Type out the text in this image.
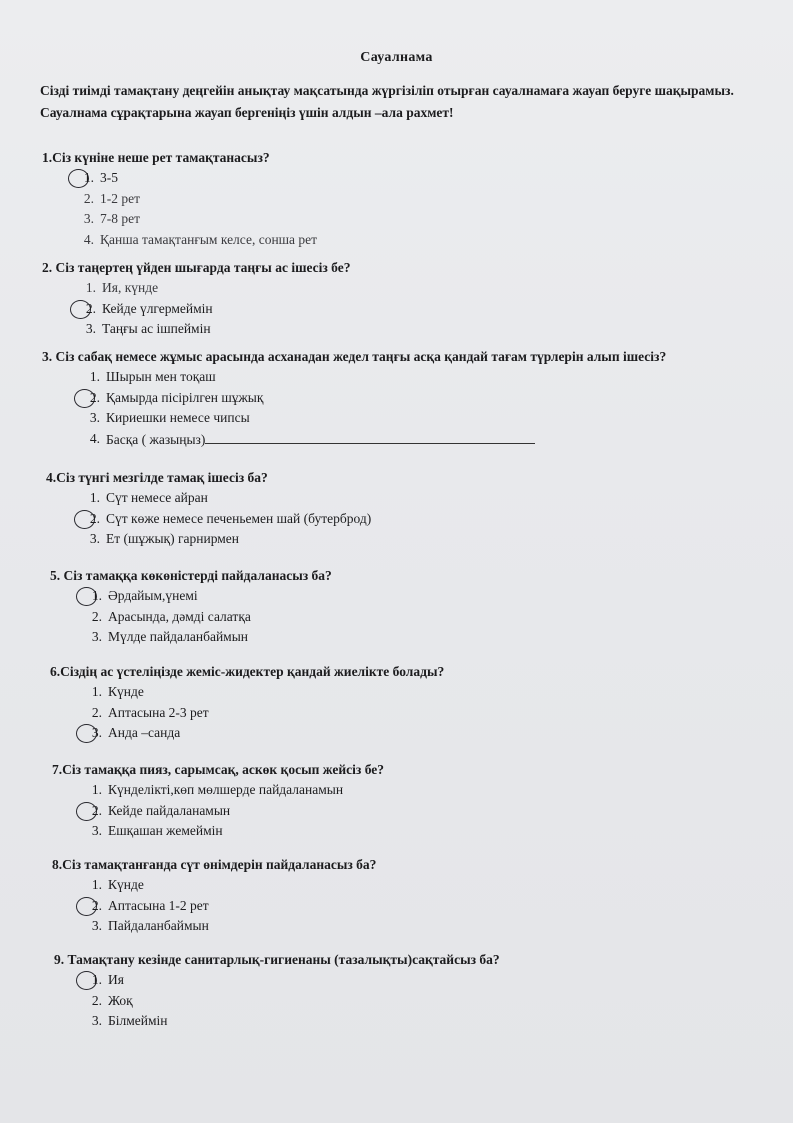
Сауалнама
Сізді тиімді тамақтану деңгейін анықтау мақсатында жүргізіліп отырған сауалнамаға жауап беруге шақырамыз. Сауалнама сұрақтарына жауап бергеніңіз үшін алдын –ала рахмет!
1.Сіз күніне неше рет тамақтанасыз?
1. 3-5
2. 1-2 рет
3. 7-8 рет
4. Қанша тамақтанғым келсе, сонша рет
2. Сіз таңертең үйден шығарда таңғы ас ішесіз бе?
1. Ия, күнде
2. Кейде үлгермеймін
3. Таңғы ас ішпеймін
3. Сіз сабақ немесе жұмыс арасында асханадан жедел таңғы асқа қандай тағам түрлерін алып ішесіз?
1. Шырын мен тоқаш
2. Қамырда пісірілген шұжық
3. Кириешки немесе чипсы
4. Басқа ( жазыңыз)
4.Сіз түнгі мезгілде тамақ ішесіз ба?
1. Сүт немесе айран
2. Сүт көже немесе печеньемен шай (бутерброд)
3. Ет (шұжық) гарнирмен
5. Сіз тамаққа көкөністерді пайдаланасыз ба?
1. Әрдайым,үнемі
2. Арасында, дәмді салатқа
3. Мүлде пайдаланбаймын
6.Сіздің ас үстеліңізде жеміс-жидектер қандай жиелікте болады?
1. Күнде
2. Аптасына 2-3 рет
3. Анда –санда
7.Сіз тамаққа пияз, сарымсақ, аскөк қосып жейсіз бе?
1. Күнделікті,көп мөлшерде пайдаланамын
2. Кейде пайдаланамын
3. Ешқашан жемеймін
8.Сіз тамақтанғанда сүт өнімдерін пайдаланасыз ба?
1. Күнде
2. Аптасына 1-2 рет
3. Пайдаланбаймын
9. Тамақтану кезінде санитарлық-гигиенаны (тазалықты)сақтайсыз ба?
1. Ия
2. Жоқ
3. Білмеймін
